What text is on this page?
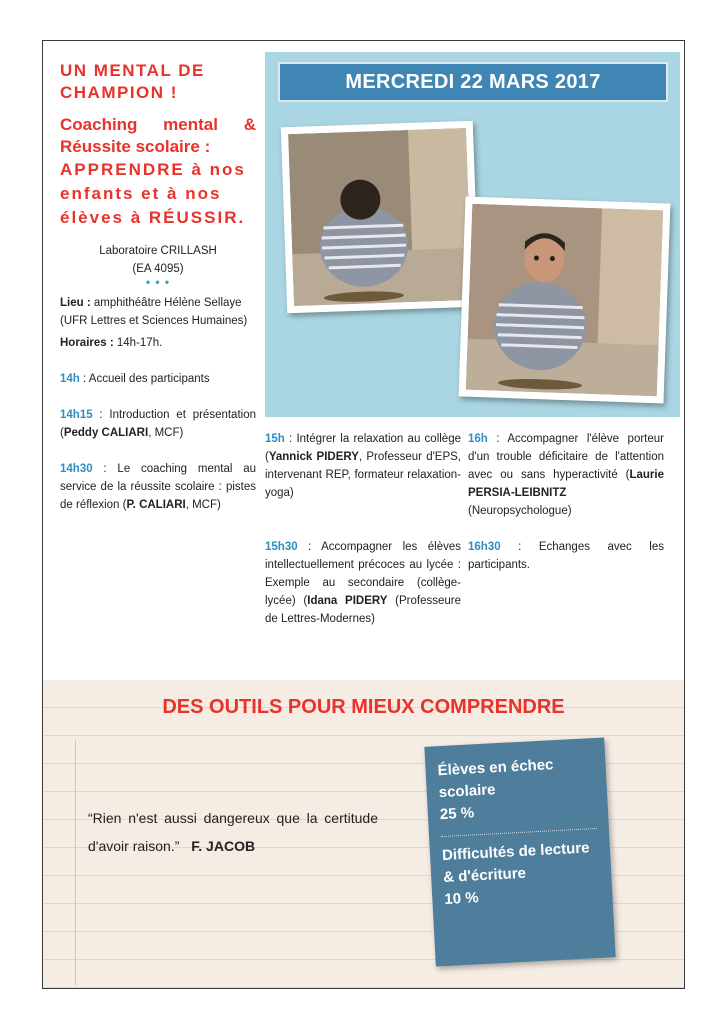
UN MENTAL DE CHAMPION !
Coaching mental & Réussite scolaire :
APPRENDRE à nos enfants et à nos élèves à RÉUSSIR.
Laboratoire CRILLASH
(EA 4095)
• • •
Lieu : amphithéâtre Hélène Sellaye (UFR Lettres et Sciences Humaines)
Horaires : 14h-17h.
14h : Accueil des participants
14h15 : Introduction et présentation (Peddy CALIARI, MCF)
14h30 : Le coaching mental au service de la réussite scolaire : pistes de réflexion (P. CALIARI, MCF)
MERCREDI 22 MARS 2017
15h : Intégrer la relaxation au collège (Yannick PIDERY, Professeur d'EPS, intervenant REP, formateur relaxation-yoga)
15h30 : Accompagner les élèves intellectuellement précoces au lycée : Exemple au secondaire (collège-lycée) (Idana PIDERY (Professeure de Lettres-Modernes)
16h : Accompagner l'élève porteur d'un trouble déficitaire de l'attention avec ou sans hyperactivité (Laurie PERSIA-LEIBNITZ (Neuropsychologue)
16h30 : Echanges avec les participants.
DES OUTILS POUR MIEUX COMPRENDRE
“Rien n'est aussi dangereux que la certitude d'avoir raison.” F. JACOB
Élèves en échec scolaire
25 %
Difficultés de lecture & d'écriture
10 %
